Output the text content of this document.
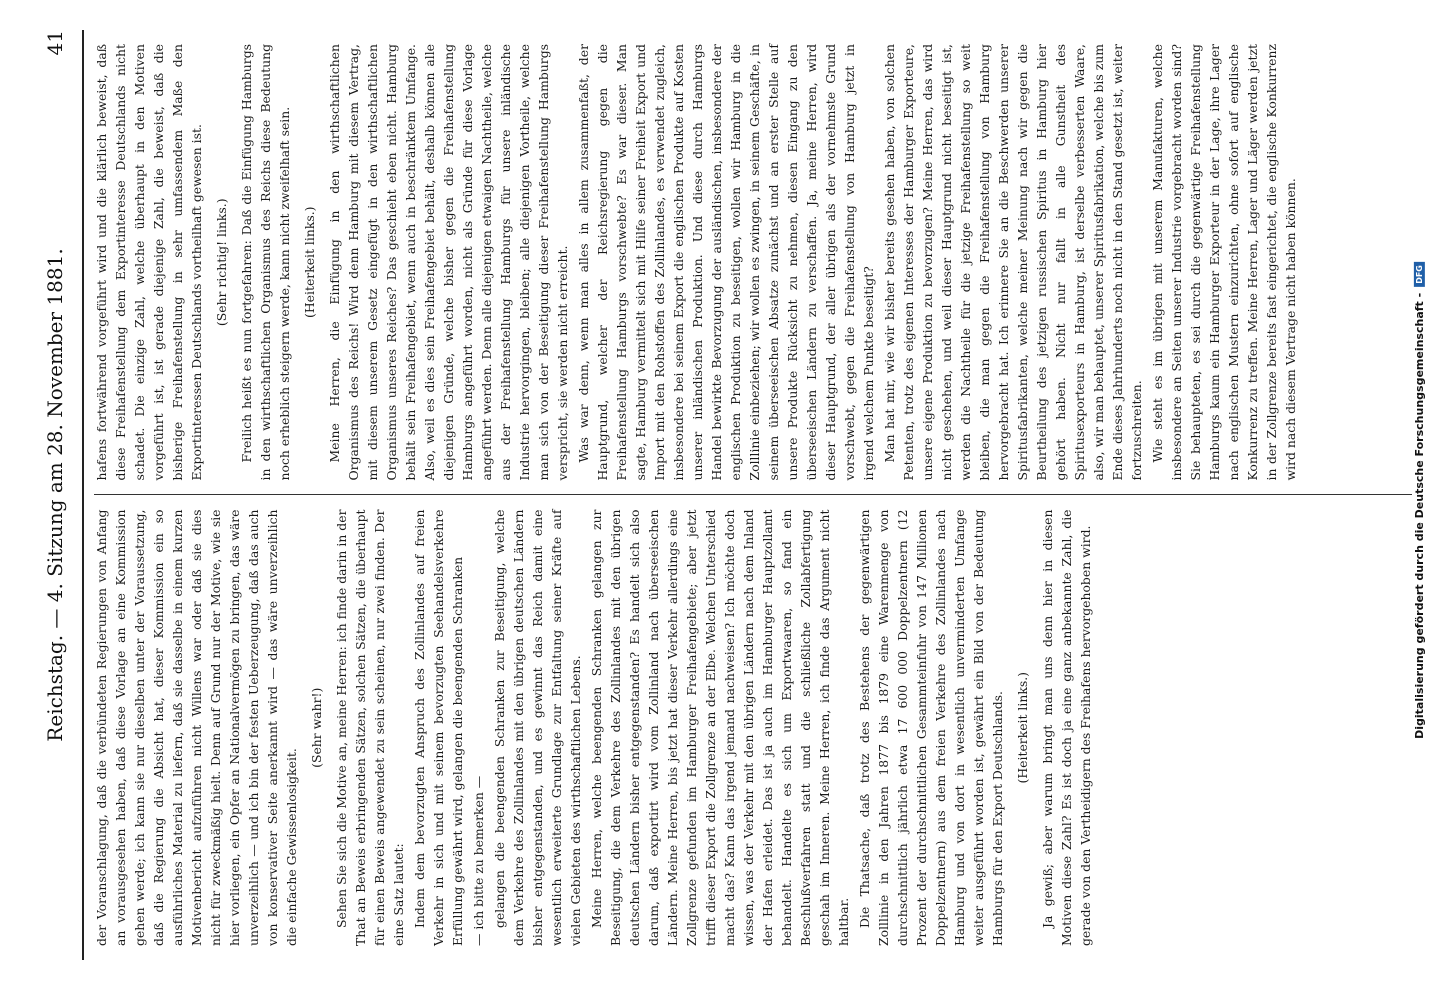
Reichstag. — 4. Sitzung am 28. November 1881.
41

der Voranschlagung, daß die verbündeten Regierungen von Anfang an vorausgesehen haben, daß diese Vorlage an eine Kommission gehen werde; ich kann sie nur dieselben unter der Voraussetzung, daß die Regierung die Absicht hat, dieser Kommission ein so ausführliches Material zu liefern, daß sie dasselbe in einem kurzen Motivenbericht aufzuführen nicht Willens war oder daß sie dies nicht für zweckmäßig hielt. Denn auf Grund nur der Motive, wie sie hier vorliegen, ein Opfer an Nationalvermögen zu bringen, das wäre unverzeihlich — und ich bin der festen Ueberzeugung, daß das auch von konservativer Seite anerkannt wird — das wäre unverzeihlich die einfache Gewissenlosigkeit.

(Sehr wahr!) Sehen Sie sich die Motive an, meine Herren: ich finde darin in der That an Beweis erbringenden Sätzen, solchen Sätzen, die überhaupt für einen Beweis angewendet zu sein scheinen, nur zwei finden. Der eine Satz lautet: Indem dem bevorzugten Anspruch des Zollinlandes auf freien Verkehr in sich und mit seinem bevorzugten Seehandelsverkehre Erfüllung gewährt wird, gelangen die beengenden Schranken — ich bitte zu bemerken — gelangen die beengenden Schranken zur Beseitigung, welche dem Verkehre des Zollinlandes mit den übrigen deutschen Ländern bisher entgegenstanden, und es gewinnt das Reich damit eine wesentlich erweiterte Grundlage zur Entfaltung seiner Kräfte auf vielen Gebieten des wirthschaftlichen Lebens. Meine Herren, welche beengenden Schranken gelangen zur Beseitigung, die dem Verkehre des Zollinlandes mit den übrigen deutschen Ländern bisher entgegenstanden? Es handelt sich also darum, daß exportirt wird vom Zollinland nach überseeischen Ländern. Meine Herren, bis jetzt hat dieser Verkehr allerdings eine Zollgrenze gefunden im Hamburger Freihafengebiete; aber jetzt trifft dieser Export die Zollgrenze an der Elbe. Welchen Unterschied macht das? Kann das irgend jemand nachweisen? Ich möchte doch wissen, was der Verkehr mit den übrigen Ländern nach dem Inland der Hafen erleidet. Das ist ja auch im Hamburger Hauptzollamt behandelt. Handelte es sich um Exportwaaren, so fand ein Beschlußverfahren statt und die schließliche Zollabfertigung geschah im Inneren. Meine Herren, ich finde das Argument nicht haltbar. Die Thatsache, daß trotz des Bestehens der gegenwärtigen Zolllinie in den Jahren 1877 bis 1879 eine Warenmenge von durchschnittlich jährlich etwa 17 600 000 Doppelzentnern (12 Prozent der durchschnittlichen Gesammteinfuhr von 147 Millionen Doppelzentnern) aus dem freien Verkehre des Zollinlandes nach Hamburg und von dort in wesentlich unverminderten Umfange weiter ausgeführt worden ist, gewährt ein Bild von der Bedeutung Hamburgs für den Export Deutschlands. (Heiterkeit links.) Ja gewiß; aber warum bringt man uns denn hier in diesen Motiven diese Zahl? Es ist doch ja eine ganz anbekannte Zahl, die gerade von den Vertheidigern des Freihafens hervorgehoben wird.

hafens fortwährend vorgeführt wird und die klärlich beweist, daß diese Freihafenstellung dem Exportinteresse Deutschlands nicht schadet. Die einzige Zahl, welche überhaupt in den Motiven vorgeführt ist, ist gerade diejenige Zahl, die beweist, daß die bisherige Freihafenstellung in sehr umfassendem Maße den Exportinteressen Deutschlands vortheilhaft gewesen ist. (Sehr richtig! links.) Freilich heißt es nun fortgefahren: Daß die Einfügung Hamburgs in den wirthschaftlichen Organismus des Reichs diese Bedeutung noch erheblich steigern werde, kann nicht zweifelhaft sein. (Heiterkeit links.) Meine Herren, die Einfügung in den wirthschaftlichen Organismus des Reichs! Wird denn Hamburg mit diesem Vertrag, mit diesem unserem Gesetz eingefügt in den wirthschaftlichen Organismus unseres Reiches? Das geschieht eben nicht. Hamburg behält sein Freihafengebiet, wenn auch in beschränktem Umfange. Also, weil es dies sein Freihafengebiet behält, deshalb können alle diejenigen Gründe, welche bisher gegen die Freihafenstellung Hamburgs angeführt worden, nicht als Gründe für diese Vorlage angeführt werden. Denn alle diejenigen etwaigen Nachtheile, welche aus der Freihafenstellung Hamburgs für unsere inländische Industrie hervorgingen, bleiben; alle diejenigen Vortheile, welche man sich von der Beseitigung dieser Freihafenstellung Hamburgs verspricht, sie werden nicht erreicht. Was war denn, wenn man alles in allem zusammenfaßt, der Hauptgrund, welcher der Reichsregierung gegen die Freihafenstellung Hamburgs vorschwebte? Es war dieser. Man sagte, Hamburg vermittelt sich mit Hilfe seiner Freiheit Export und Import mit den Rohstoffen des Zollinlandes, es verwendet zugleich, insbesondere bei seinem Export die englischen Produkte auf Kosten unserer inländischen Produktion. Und diese durch Hamburgs Handel bewirkte Bevorzugung der ausländischen, insbesondere der englischen Produktion zu beseitigen, wollen wir Hamburg in die Zolllinie einbeziehen; wir wollen es zwingen, in seinem Geschäfte, in seinem überseeischen Absatze zunächst und an erster Stelle auf unsere Produkte Rücksicht zu nehmen, diesen Eingang zu den überseeischen Ländern zu verschaffen. Ja, meine Herren, wird dieser Hauptgrund, der aller übrigen als der vornehmste Grund vorschwebt, gegen die Freihafenstellung von Hamburg jetzt in irgend welchem Punkte beseitigt? Man hat mir, wie wir bisher bereits gesehen haben, von solchen Petenten, trotz des eigenen Interesses der Hamburger Exporteure, unsere eigene Produktion zu bevorzugen? Meine Herren, das wird nicht geschehen, und weil dieser Hauptgrund nicht beseitigt ist, werden die Nachtheile für die jetzige Freihafenstellung so weit bleiben, die man gegen die Freihafenstellung von Hamburg hervorgebracht hat. Ich erinnere Sie an die Beschwerden unserer Spiritusfabrikanten, welche meiner Meinung nach wir gegen die Beurtheilung des jetzigen russischen Spiritus in Hamburg hier gehört haben. Nicht nur fallt in alle Gunstheit des Spiritusexporteurs in Hamburg, ist derselbe verbesserten Waare, also, wir man behauptet, unserer Spiritusfabrikation, welche bis zum Ende dieses Jahrhunderts noch nicht in den Stand gesetzt ist, weiter fortzuschreiten. Wie steht es im übrigen mit unserem Manufakturen, welche insbesondere an Seiten unserer Industrie vorgebracht worden sind? Sie behaupteten, es sei durch die gegenwärtige Freihafenstellung Hamburgs kaum ein Hamburger Exporteur in der Lage, ihre Lager nach englischen Mustern einzurichten, ohne sofort auf englische Konkurrenz zu treffen. Meine Herren, Lager und Läger werden jetzt in der Zollgrenze bereits fast eingerichtet, die englische Konkurrenz wird nach diesem Vertrage nicht haben können.	Digitalisierung gefördert durch die Deutsche Forschungsgemeinschaft -
DFG
